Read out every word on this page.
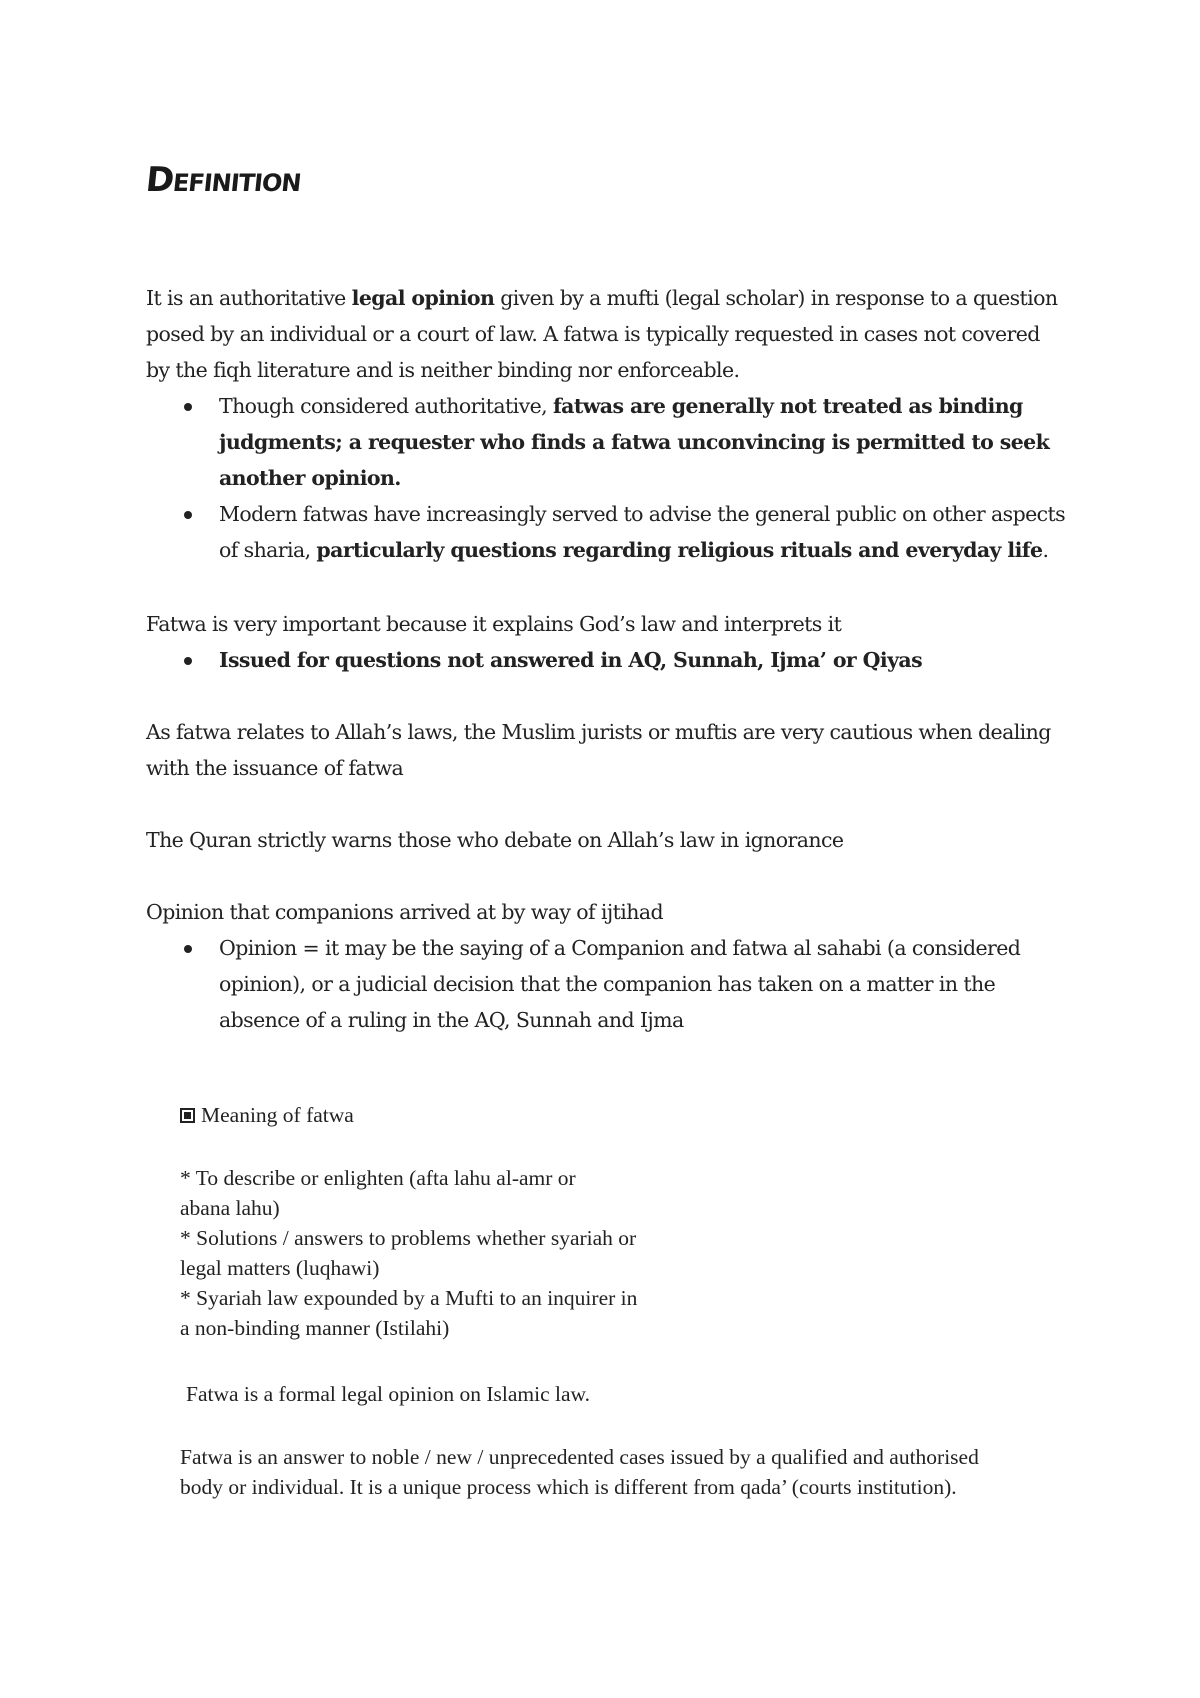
Definition

It is an authoritative legal opinion given by a mufti (legal scholar) in response to a question posed by an individual or a court of law. A fatwa is typically requested in cases not covered by the fiqh literature and is neither binding nor enforceable.

Though considered authoritative, fatwas are generally not treated as binding judgments; a requester who finds a fatwa unconvincing is permitted to seek another opinion.
Modern fatwas have increasingly served to advise the general public on other aspects of sharia, particularly questions regarding religious rituals and everyday life.

Fatwa is very important because it explains God’s law and interprets it

Issued for questions not answered in AQ, Sunnah, Ijma’ or Qiyas

As fatwa relates to Allah’s laws, the Muslim jurists or muftis are very cautious when dealing with the issuance of fatwa

The Quran strictly warns those who debate on Allah’s law in ignorance

Opinion that companions arrived at by way of ijtihad

Opinion = it may be the saying of a Companion and fatwa al sahabi (a considered opinion), or a judicial decision that the companion has taken on a matter in the absence of a ruling in the AQ, Sunnah and Ijma

Meaning of fatwa

* To describe or enlighten (afta lahu al-amr or
abana lahu)
* Solutions / answers to problems whether syariah or
legal matters (luqhawi)
* Syariah law expounded by a Mufti to an inquirer in
a non-binding manner (Istilahi)

Fatwa is a formal legal opinion on Islamic law.

Fatwa is an answer to noble / new / unprecedented cases issued by a qualified and authorised
body or individual. It is a unique process which is different from qada’ (courts institution).
